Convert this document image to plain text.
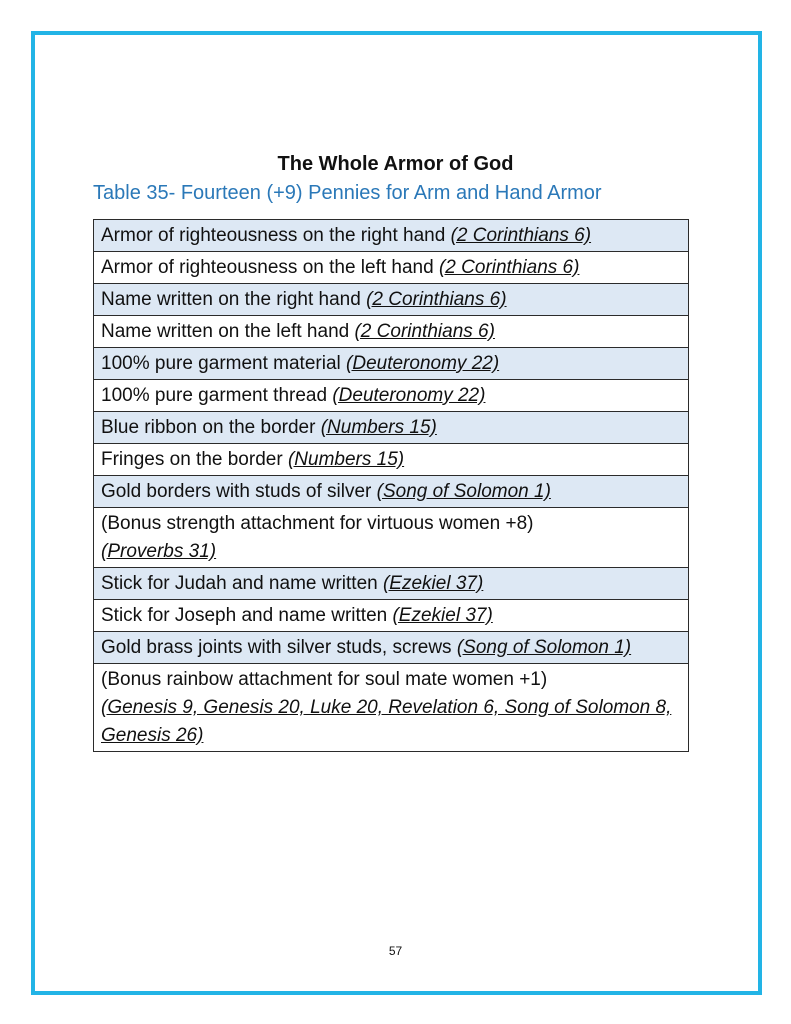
The Whole Armor of God
Table 35- Fourteen (+9) Pennies for Arm and Hand Armor
Armor of righteousness on the right hand (2 Corinthians 6)
Armor of righteousness on the left hand (2 Corinthians 6)
Name written on the right hand (2 Corinthians 6)
Name written on the left hand (2 Corinthians 6)
100% pure garment material (Deuteronomy 22)
100% pure garment thread (Deuteronomy 22)
Blue ribbon on the border (Numbers 15)
Fringes on the border (Numbers 15)
Gold borders with studs of silver (Song of Solomon 1)
(Bonus strength attachment for virtuous women +8)
(Proverbs 31)
Stick for Judah and name written (Ezekiel 37)
Stick for Joseph and name written (Ezekiel 37)
Gold brass joints with silver studs, screws (Song of Solomon 1)
(Bonus rainbow attachment for soul mate women +1)
(Genesis 9, Genesis 20, Luke 20, Revelation 6, Song of Solomon 8, Genesis 26)
57
